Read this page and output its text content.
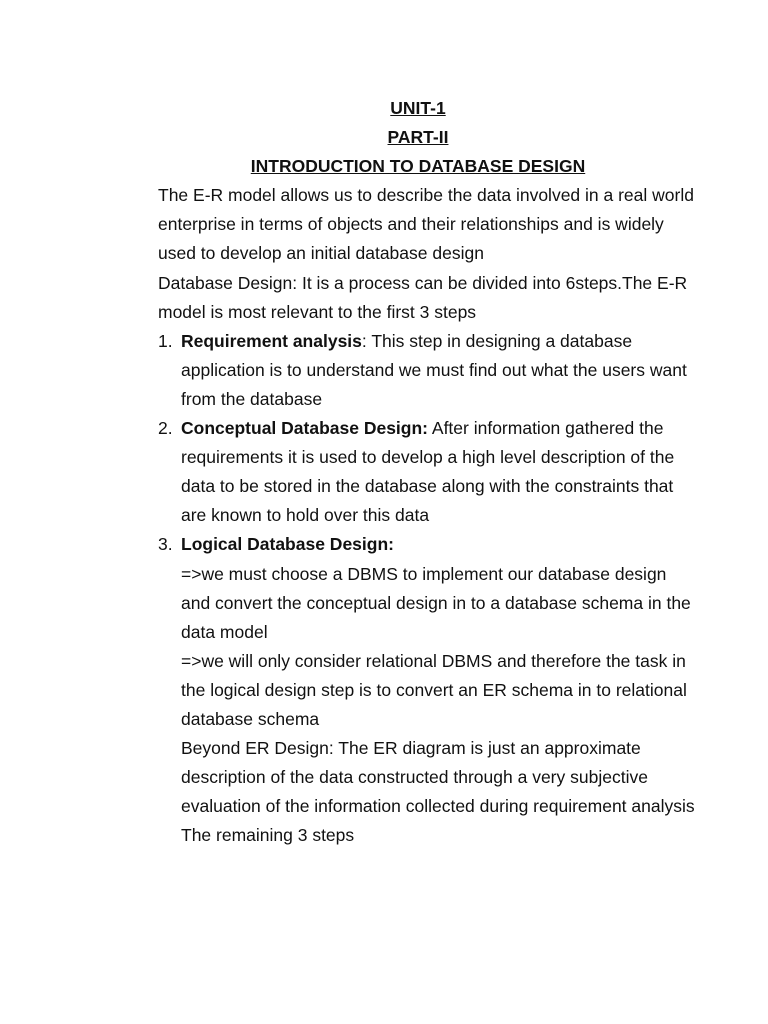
UNIT-1
PART-II
INTRODUCTION TO DATABASE DESIGN
The E-R model allows us to describe the data involved in a real world enterprise in terms of objects and their relationships and is widely used to develop an initial database design
Database Design: It is a process can be divided into 6steps.The E-R model is most relevant to the first 3 steps
1. Requirement analysis: This step in designing a database application is to understand we must find out what the users want from the database
2. Conceptual Database Design: After information gathered the requirements it is used to develop a high level description of the data to be stored in the database along with the constraints that are known to hold over this data
3. Logical Database Design:
=>we must choose a DBMS to implement our database design and convert the conceptual design in to a database schema in the data model
=>we will only consider relational DBMS and therefore the task in the logical design step is to convert an ER schema in to relational database schema
Beyond ER Design: The ER diagram is just an approximate description of the data constructed through a very subjective evaluation of the information collected during requirement analysis
The remaining 3 steps
